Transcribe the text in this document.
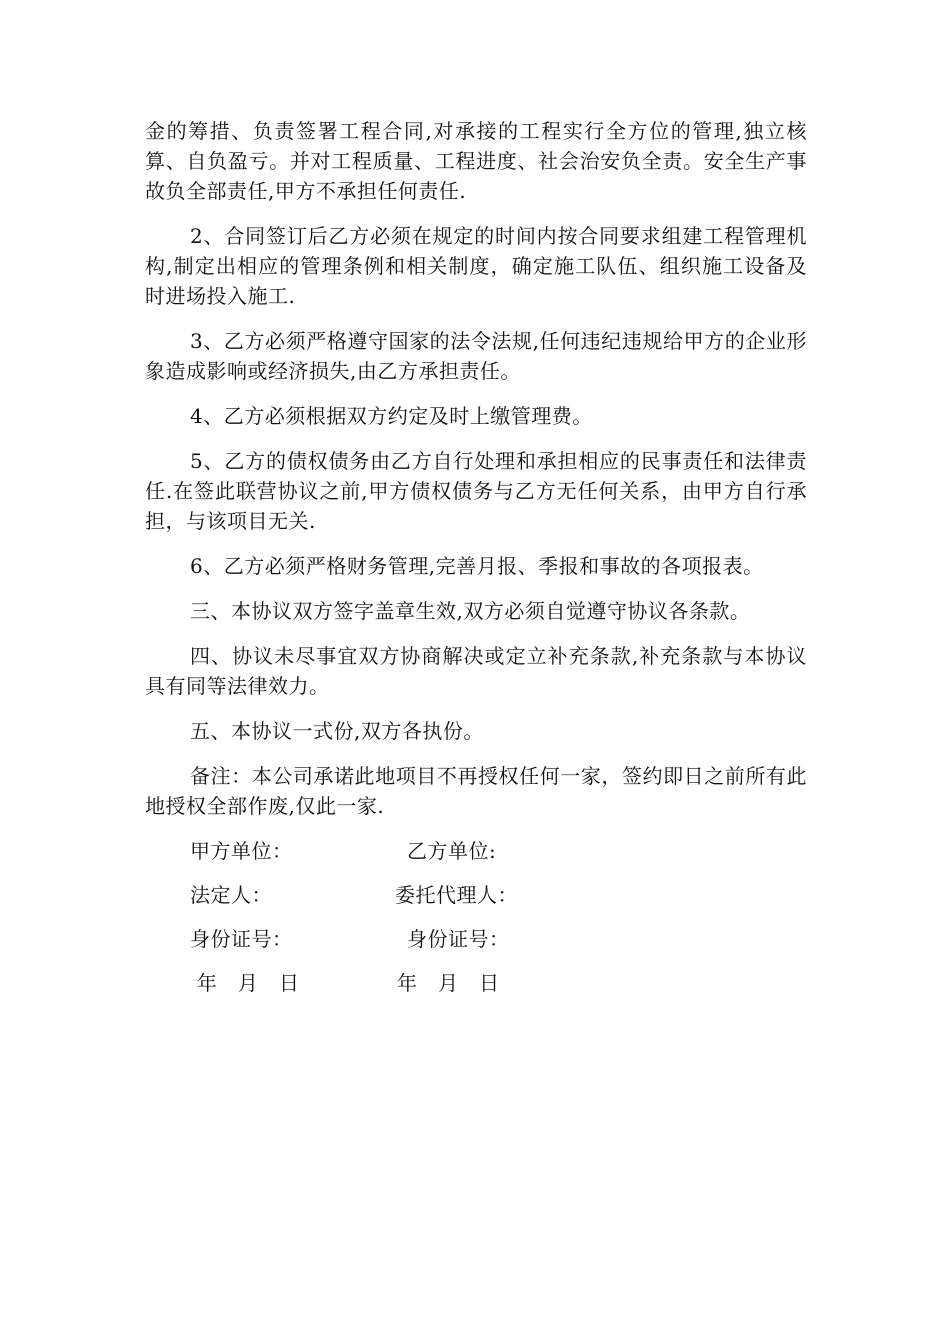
金的筹措、负责签署工程合同,对承接的工程实行全方位的管理,独立核算、自负盈亏。并对工程质量、工程进度、社会治安负全责。安全生产事故负全部责任,甲方不承担任何责任.

2、合同签订后乙方必须在规定的时间内按合同要求组建工程管理机构,制定出相应的管理条例和相关制度，确定施工队伍、组织施工设备及时进场投入施工.

3、乙方必须严格遵守国家的法令法规,任何违纪违规给甲方的企业形象造成影响或经济损失,由乙方承担责任。

4、乙方必须根据双方约定及时上缴管理费。

5、乙方的债权债务由乙方自行处理和承担相应的民事责任和法律责任.在签此联营协议之前,甲方债权债务与乙方无任何关系，由甲方自行承担，与该项目无关.

6、乙方必须严格财务管理,完善月报、季报和事故的各项报表。

三、本协议双方签字盖章生效,双方必须自觉遵守协议各条款。

四、协议未尽事宜双方协商解决或定立补充条款,补充条款与本协议具有同等法律效力。

五、本协议一式份,双方各执份。

备注：本公司承诺此地项目不再授权任何一家，签约即日之前所有此地授权全部作废,仅此一家.

甲方单位：	乙方单位:
法定人：	委托代理人：
身份证号：	身份证号：
年   月   日	年   月   日
